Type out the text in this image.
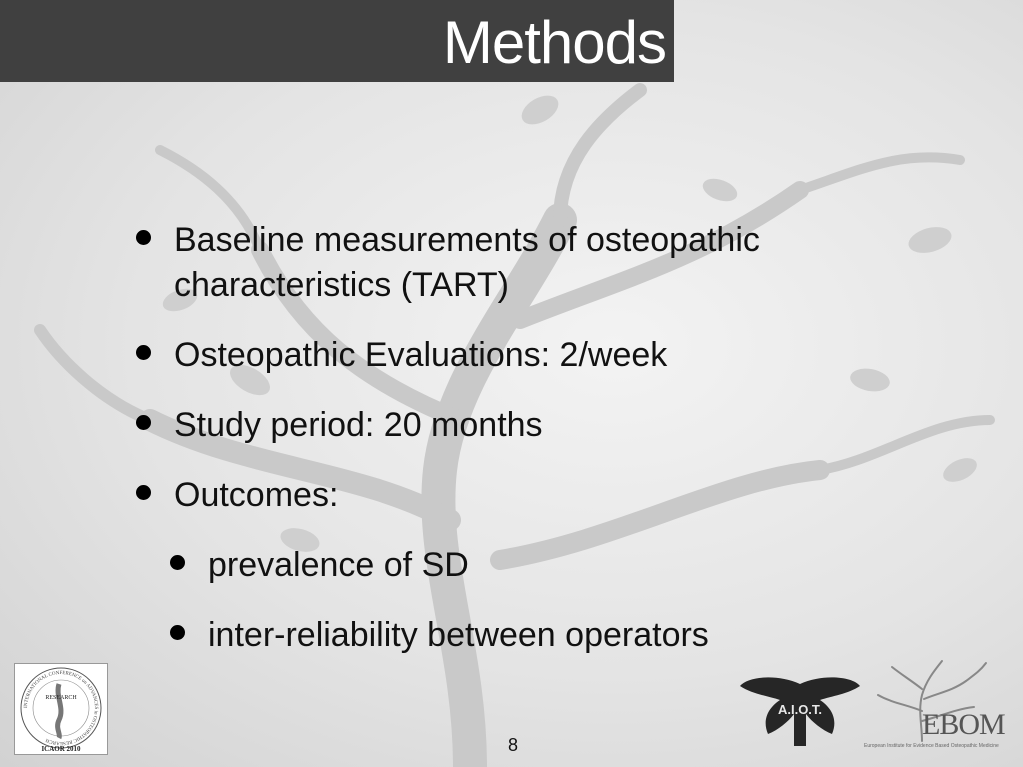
Methods
Baseline measurements of osteopathic
characteristics (TART)
Osteopathic Evaluations: 2/week
Study period: 20 months
Outcomes:
prevalence of SD
inter-reliability between operators
INTERNATIONAL CONFERENCE on ADVANCES in OSTEOPATHIC RESEARCH
RESEARCH
ICAOR 2010
A.I.O.T.	EBOM
European Institute for Evidence Based Osteopathic Medicine
8
